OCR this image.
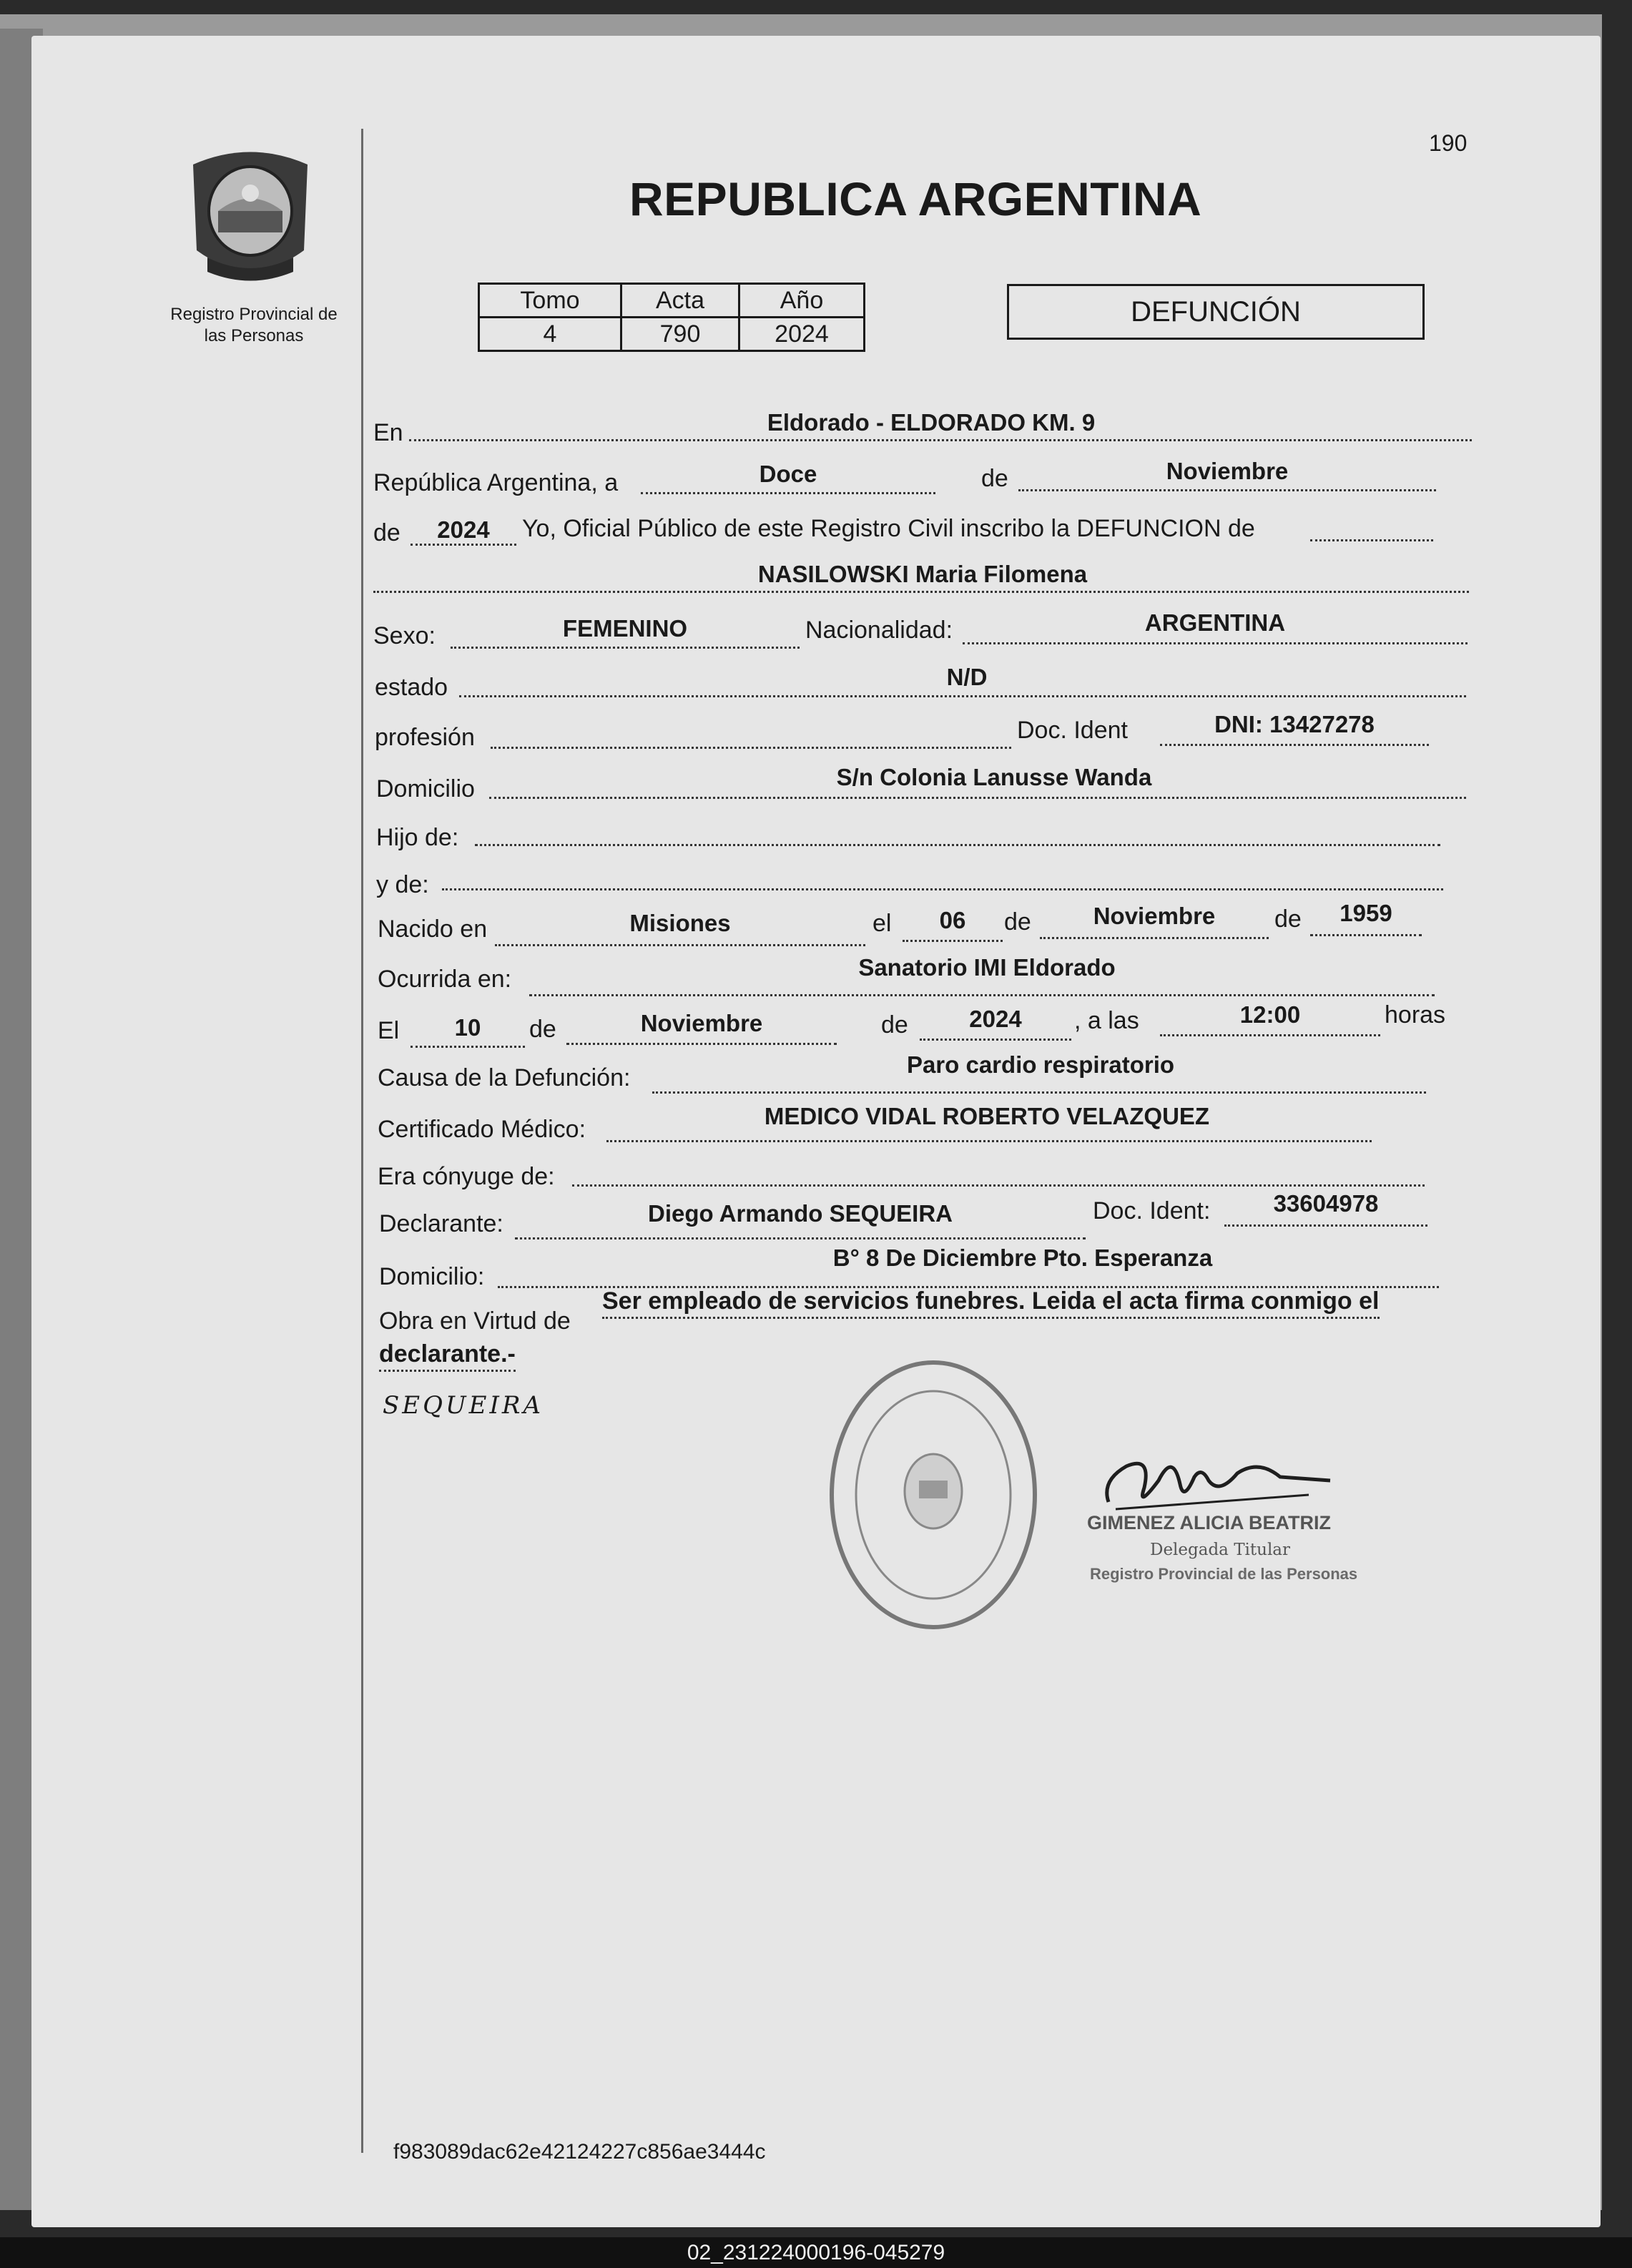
Registro Provincial de
las Personas
190
REPUBLICA ARGENTINA
Tomo	Acta	Año
4	790	2024
DEFUNCIÓN
En	Eldorado - ELDORADO KM. 9
República Argentina, a	Doce	de	Noviembre
de	2024	Yo, Oficial Público de este Registro Civil inscribo la DEFUNCION de
NASILOWSKI Maria Filomena
Sexo:	FEMENINO	Nacionalidad:	ARGENTINA
estado	N/D
profesión	Doc. Ident	DNI: 13427278
Domicilio	S/n Colonia Lanusse Wanda
Hijo de:
y de:
Nacido en	Misiones	el	06	de	Noviembre	de	1959
Ocurrida en:	Sanatorio IMI Eldorado
El	10	de	Noviembre	de	2024	, a las	12:00	horas
Causa de la Defunción:	Paro cardio respiratorio
Certificado Médico:	MEDICO VIDAL ROBERTO VELAZQUEZ
Era cónyuge de:
Declarante:	Diego Armando SEQUEIRA	Doc. Ident:	33604978
Domicilio:
B° 8 De Diciembre Pto. Esperanza
Obra en Virtud de
Ser empleado de servicios funebres. Leida el acta firma conmigo el
declarante.-
SEQUEIRA
GIMENEZ ALICIA BEATRIZ
Delegada Titular
Registro Provincial de las Personas
f983089dac62e42124227c856ae3444c
02_231224000196-045279
